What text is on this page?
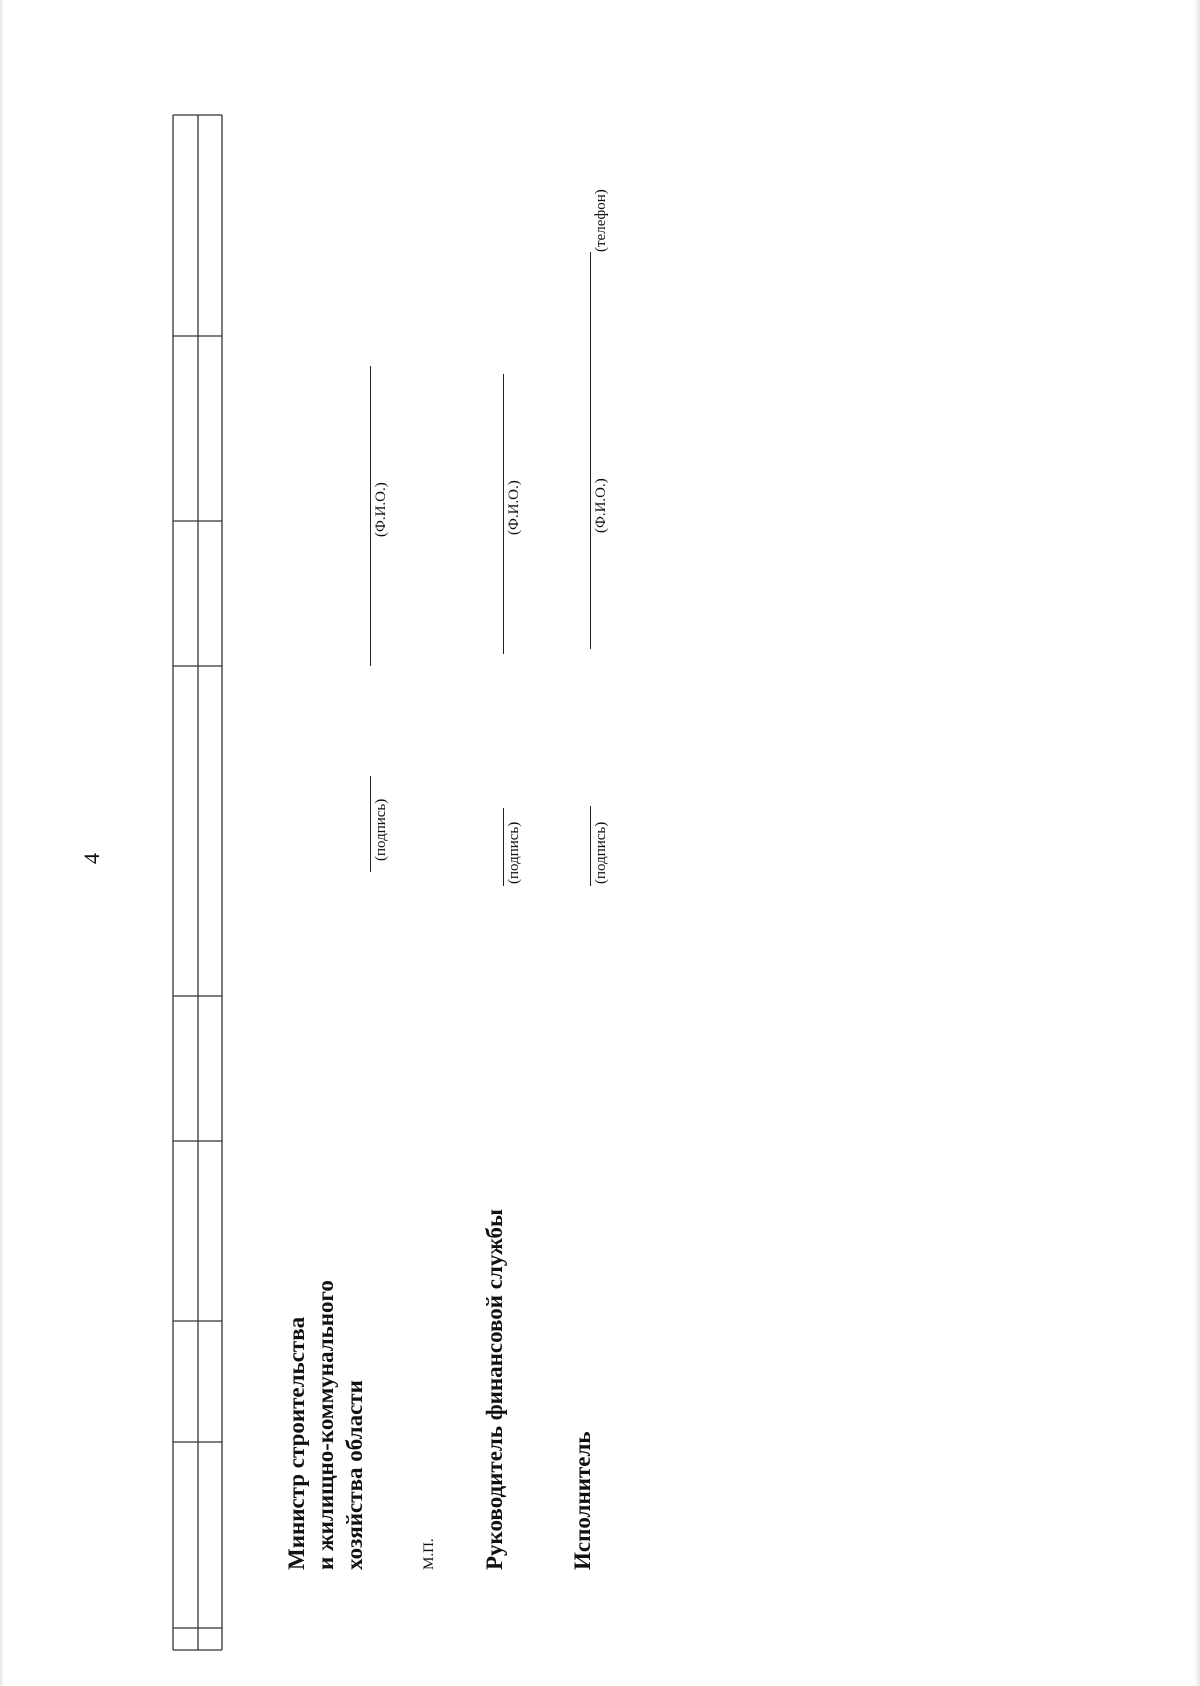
4
Министр строительства и жилищно-коммунального хозяйства области
(подпись)
(Ф.И.О.)
М.П. Руководитель финансовой службы
(подпись)
(Ф.И.О.)
Исполнитель
(подпись)
(Ф.И.О.)
(телефон)
